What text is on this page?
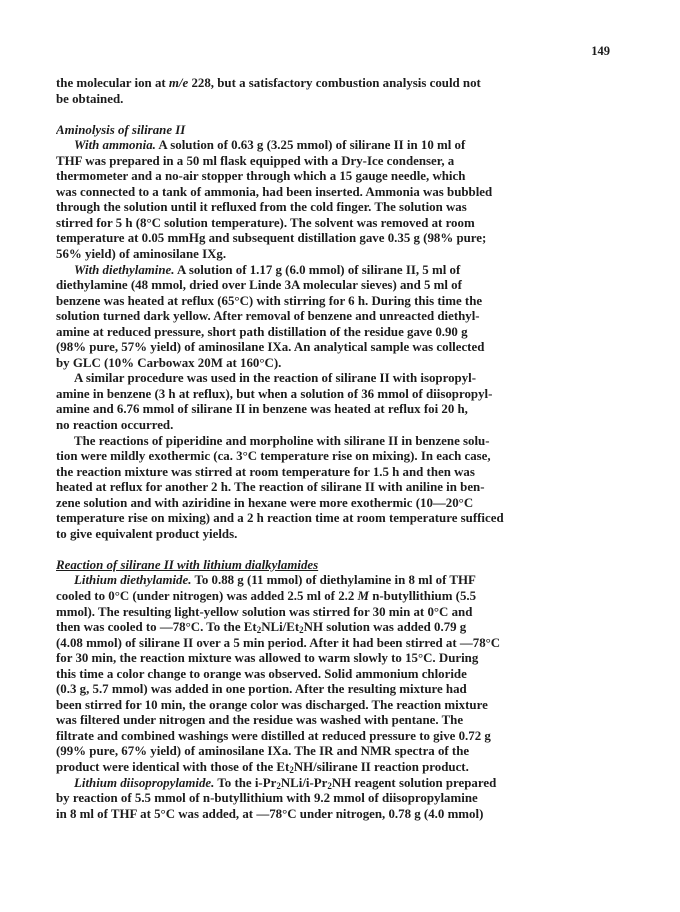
149
the molecular ion at m/e 228, but a satisfactory combustion analysis could not
be obtained.
Aminolysis of silirane II
With ammonia. A solution of 0.63 g (3.25 mmol) of silirane II in 10 ml of
THF was prepared in a 50 ml flask equipped with a Dry-Ice condenser, a
thermometer and a no-air stopper through which a 15 gauge needle, which
was connected to a tank of ammonia, had been inserted. Ammonia was bubbled
through the solution until it refluxed from the cold finger. The solution was
stirred for 5 h (8°C solution temperature). The solvent was removed at room
temperature at 0.05 mmHg and subsequent distillation gave 0.35 g (98% pure;
56% yield) of aminosilane IXg.
With diethylamine. A solution of 1.17 g (6.0 mmol) of silirane II, 5 ml of
diethylamine (48 mmol, dried over Linde 3A molecular sieves) and 5 ml of
benzene was heated at reflux (65°C) with stirring for 6 h. During this time the
solution turned dark yellow. After removal of benzene and unreacted diethyl-
amine at reduced pressure, short path distillation of the residue gave 0.90 g
(98% pure, 57% yield) of aminosilane IXa. An analytical sample was collected
by GLC (10% Carbowax 20M at 160°C).
A similar procedure was used in the reaction of silirane II with isopropyl-
amine in benzene (3 h at reflux), but when a solution of 36 mmol of diisopropyl-
amine and 6.76 mmol of silirane II in benzene was heated at reflux foi 20 h,
no reaction occurred.
The reactions of piperidine and morpholine with silirane II in benzene solu-
tion were mildly exothermic (ca. 3°C temperature rise on mixing). In each case,
the reaction mixture was stirred at room temperature for 1.5 h and then was
heated at reflux for another 2 h. The reaction of silirane II with aniline in ben-
zene solution and with aziridine in hexane were more exothermic (10—20°C
temperature rise on mixing) and a 2 h reaction time at room temperature sufficed
to give equivalent product yields.
Reaction of silirane II with lithium dialkylamides
Lithium diethylamide. To 0.88 g (11 mmol) of diethylamine in 8 ml of THF
cooled to 0°C (under nitrogen) was added 2.5 ml of 2.2 M n-butyllithium (5.5
mmol). The resulting light-yellow solution was stirred for 30 min at 0°C and
then was cooled to —78°C. To the $Et_2NLi/Et_2NH$ solution was added 0.79 g
(4.08 mmol) of silirane II over a 5 min period. After it had been stirred at —78°C
for 30 min, the reaction mixture was allowed to warm slowly to 15°C. During
this time a color change to orange was observed. Solid ammonium chloride
(0.3 g, 5.7 mmol) was added in one portion. After the resulting mixture had
been stirred for 10 min, the orange color was discharged. The reaction mixture
was filtered under nitrogen and the residue was washed with pentane. The
filtrate and combined washings were distilled at reduced pressure to give 0.72 g
(99% pure, 67% yield) of aminosilane IXa. The IR and NMR spectra of the
product were identical with those of the $Et_2NH$/silirane II reaction product.
Lithium diisopropylamide. To the $i-Pr_2NLi/i-Pr_2NH$ reagent solution prepared
by reaction of 5.5 mmol of n-butyllithium with 9.2 mmol of diisopropylamine
in 8 ml of THF at 5°C was added, at —78°C under nitrogen, 0.78 g (4.0 mmol)
